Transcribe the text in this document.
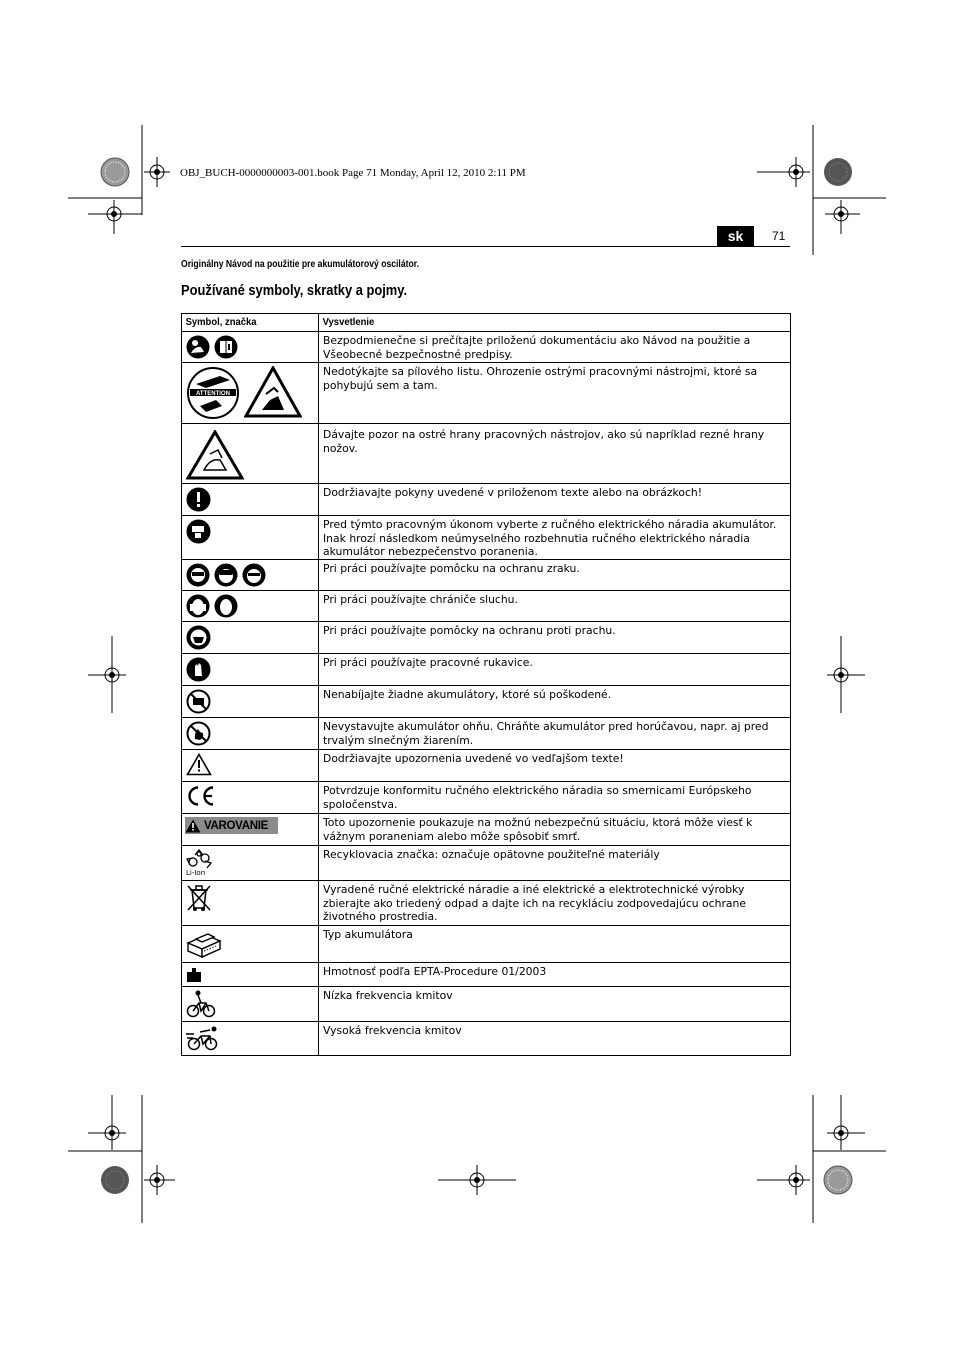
OBJ_BUCH-0000000003-001.book Page 71 Monday, April 12, 2010 2:11 PM
sk	71
Originálny Návod na použitie pre akumulátorový oscilátor.
Používané symboly, skratky a pojmy.
Symbol, značka	Vysvetlenie

	Bezpodmienečne si prečítajte priloženú dokumentáciu ako Návod na použitie a Všeobecné bezpečnostné predpisy.

ATTENTION	Nedotýkajte sa pílového listu. Ohrozenie ostrými pracovnými nástrojmi, ktoré sa pohybujú sem a tam.

	Dávajte pozor na ostré hrany pracovných nástrojov, ako sú napríklad rezné hrany nožov.

	Dodržiavajte pokyny uvedené v priloženom texte alebo na obrázkoch!

	Pred týmto pracovným úkonom vyberte z ručného elektrického náradia akumulátor. Inak hrozí následkom neúmyselného rozbehnutia ručného elektrického náradia akumulátor nebezpečenstvo poranenia.

	Pri práci používajte pomôcku na ochranu zraku.

	Pri práci používajte chrániče sluchu.

	Pri práci používajte pomôcky na ochranu proti prachu.

	Pri práci používajte pracovné rukavice.

	Nenabíjajte žiadne akumulátory, ktoré sú poškodené.

	Nevystavujte akumulátor ohňu. Chráňte akumulátor pred horúčavou, napr. aj pred trvalým slnečným žiarením.

	Dodržiavajte upozornenia uvedené vo vedľajšom texte!

	Potvrdzuje konformitu ručného elektrického náradia so smernicami Európskeho spoločenstva.

VAROVANIE	Toto upozornenie poukazuje na možnú nebezpečnú situáciu, ktorá môže viesť k vážnym poraneniam alebo môže spôsobiť smrť.

Li-Ion	Recyklovacia značka: označuje opätovne použiteľné materiály

	Vyradené ručné elektrické náradie a iné elektrické a elektrotechnické výrobky zbierajte ako triedený odpad a dajte ich na recykláciu zodpovedajúcu ochrane životného prostredia.

	Typ akumulátora

	Hmotnosť podľa EPTA-Procedure 01/2003

	Nízka frekvencia kmitov

	Vysoká frekvencia kmitov
